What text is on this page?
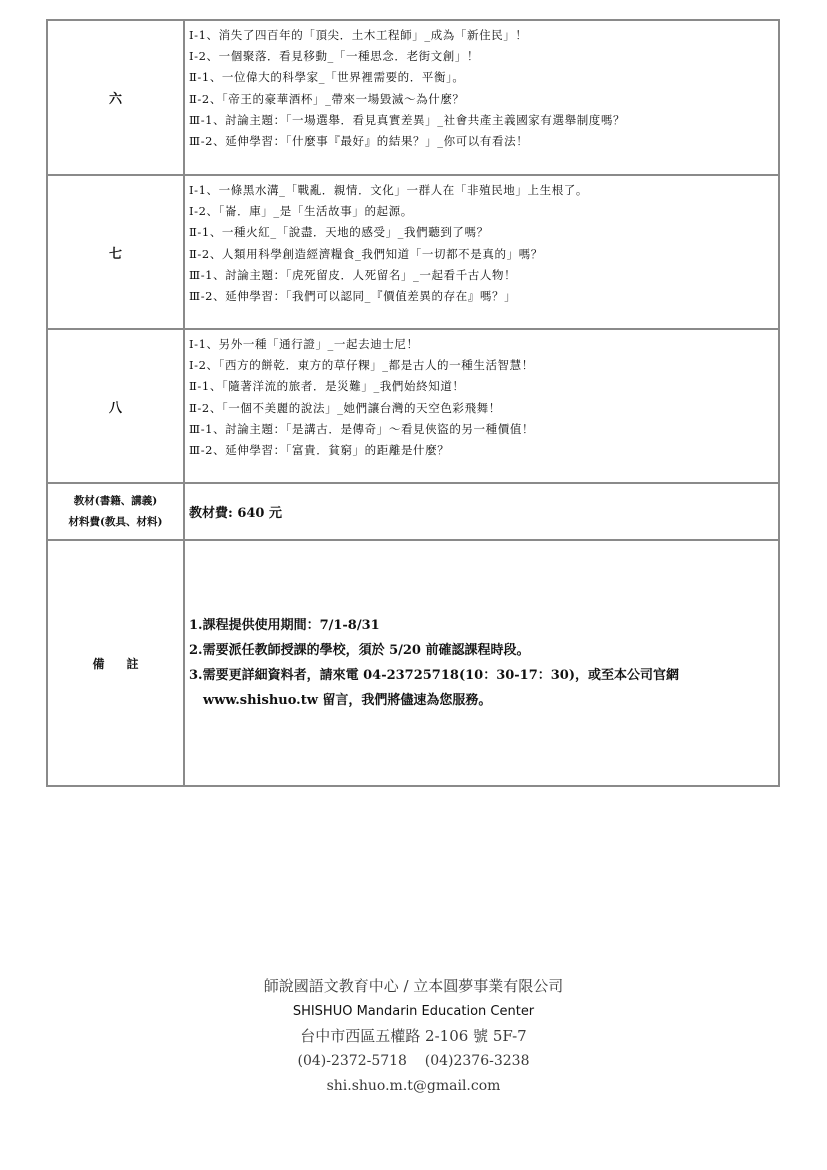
六
Ⅰ-1、消失了四百年的「頂尖．土木工程師」_成為「新住民」！
Ⅰ-2、一個聚落．看見移動_「一種思念．老街文創」！
Ⅱ-1、一位偉大的科學家_「世界裡需要的．平衡」。
Ⅱ-2、「帝王的豪華酒杯」_帶來一場毀滅～為什麼？
Ⅲ-1、討論主題：「一場選舉．看見真實差異」_社會共產主義國家有選舉制度嗎？
Ⅲ-2、延伸學習：「什麼事『最好』的結果？」_你可以有看法！
七
Ⅰ-1、一條黑水溝_「戰亂．親情．文化」一群人在「非殖民地」上生根了。
Ⅰ-2、「崙．庫」_是「生活故事」的起源。
Ⅱ-1、一種火紅_「說盡．天地的感受」_我們聽到了嗎？
Ⅱ-2、人類用科學創造經濟糧食_我們知道「一切都不是真的」嗎？
Ⅲ-1、討論主題：「虎死留皮．人死留名」_一起看千古人物！
Ⅲ-2、延伸學習：「我們可以認同_『價值差異的存在』嗎？」
八
Ⅰ-1、另外一種「通行證」_一起去迪士尼！
Ⅰ-2、「西方的餅乾．東方的草仔粿」_都是古人的一種生活智慧！
Ⅱ-1、「隨著洋流的旅者．是災難」_我們始終知道！
Ⅱ-2、「一個不美麗的說法」_她們讓台灣的天空色彩飛舞！
Ⅲ-1、討論主題：「是講古．是傳奇」～看見俠盜的另一種價值！
Ⅲ-2、延伸學習：「富貴．貧窮」的距離是什麼？
教材(書籍、講義)
材料費(教具、材料)
教材費: 640 元
備註
1.課程提供使用期間：7/1-8/31
2.需要派任教師授課的學校，須於 5/20 前確認課程時段。
3.需要更詳細資料者，請來電 04-23725718(10：30-17：30)，或至本公司官網
www.shishuo.tw 留言，我們將儘速為您服務。
師說國語文教育中心 / 立本圓夢事業有限公司
SHISHUO Mandarin Education Center
台中市西區五權路 2-106 號 5F-7
(04)-2372-5718    (04)2376-3238
shi.shuo.m.t@gmail.com
